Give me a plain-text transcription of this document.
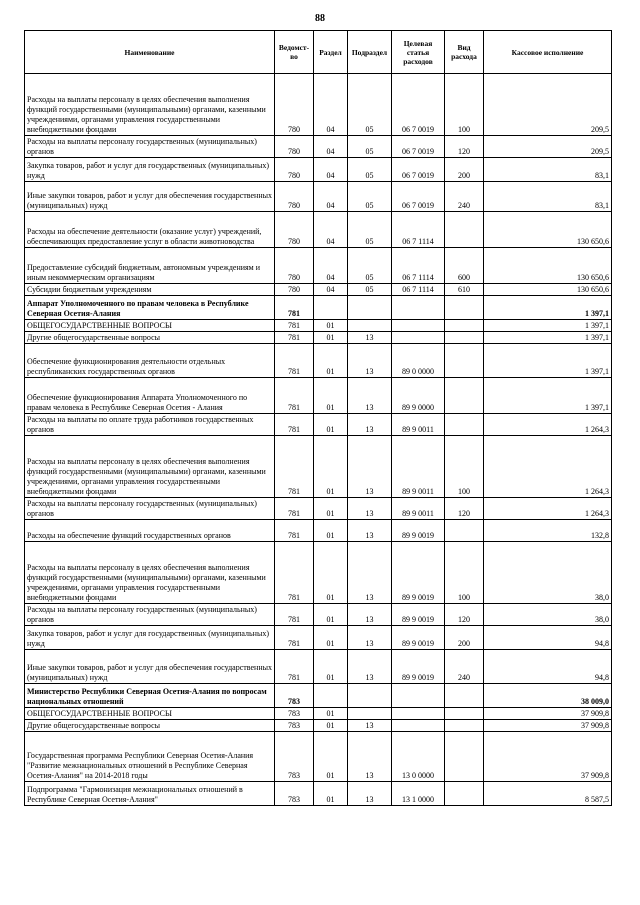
88
Наименование	Ведомст-во	Раздел	Подраздел	Целевая статья расходов	Вид расхода	Кассовое исполнение
Расходы на выплаты персоналу в целях обеспечения выполнения функций государственными (муниципальными) органами, казенными учреждениями, органами управления государственными внебюджетными фондами	780	04	05	06 7 0019	100	209,5
Расходы на выплаты персоналу государственных (муниципальных) органов	780	04	05	06 7 0019	120	209,5
Закупка товаров, работ и услуг для государственных (муниципальных) нужд	780	04	05	06 7 0019	200	83,1
Иные закупки товаров, работ и услуг для обеспечения государственных (муниципальных) нужд	780	04	05	06 7 0019	240	83,1
Расходы на обеспечение деятельности (оказание услуг) учреждений, обеспечивающих предоставление услуг в области животноводства	780	04	05	06 7 1114		130 650,6
Предоставление субсидий бюджетным, автономным учреждениям и иным некоммерческим организациям	780	04	05	06 7 1114	600	130 650,6
Субсидии бюджетным учреждениям	780	04	05	06 7 1114	610	130 650,6
Аппарат Уполномоченного по правам человека в Республике Северная Осетия-Алания	781					1 397,1
ОБЩЕГОСУДАРСТВЕННЫЕ ВОПРОСЫ	781	01				1 397,1
Другие общегосударственные вопросы	781	01	13			1 397,1
Обеспечение функционирования деятельности отдельных республиканских государственных органов	781	01	13	89 0 0000		1 397,1
Обеспечение функционирования Аппарата Уполномоченного по правам человека в Республике Северная Осетия - Алания	781	01	13	89 9 0000		1 397,1
Расходы на выплаты по оплате труда работников государственных органов	781	01	13	89 9 0011		1 264,3
Расходы на выплаты персоналу в целях обеспечения выполнения функций государственными (муниципальными) органами, казенными учреждениями, органами управления государственными внебюджетными фондами	781	01	13	89 9 0011	100	1 264,3
Расходы на выплаты персоналу государственных (муниципальных) органов	781	01	13	89 9 0011	120	1 264,3
Расходы на обеспечение функций государственных органов	781	01	13	89 9 0019		132,8
Расходы на выплаты персоналу в целях обеспечения выполнения функций государственными (муниципальными) органами, казенными учреждениями, органами управления государственными внебюджетными фондами	781	01	13	89 9 0019	100	38,0
Расходы на выплаты персоналу государственных (муниципальных) органов	781	01	13	89 9 0019	120	38,0
Закупка товаров, работ и услуг для государственных (муниципальных) нужд	781	01	13	89 9 0019	200	94,8
Иные закупки товаров, работ и услуг для обеспечения государственных (муниципальных) нужд	781	01	13	89 9 0019	240	94,8
Министерство Республики Северная Осетия-Алания по вопросам национальных отношений	783					38 009,0
ОБЩЕГОСУДАРСТВЕННЫЕ ВОПРОСЫ	783	01				37 909,8
Другие общегосударственные вопросы	783	01	13			37 909,8
Государственная программа Республики Северная Осетия-Алания "Развитие межнациональных отношений в Республике Северная Осетия-Алания" на 2014-2018 годы	783	01	13	13 0 0000		37 909,8
Подпрограмма "Гармонизация межнациональных отношений в Республике Северная Осетия-Алания"	783	01	13	13 1 0000		8 587,5
